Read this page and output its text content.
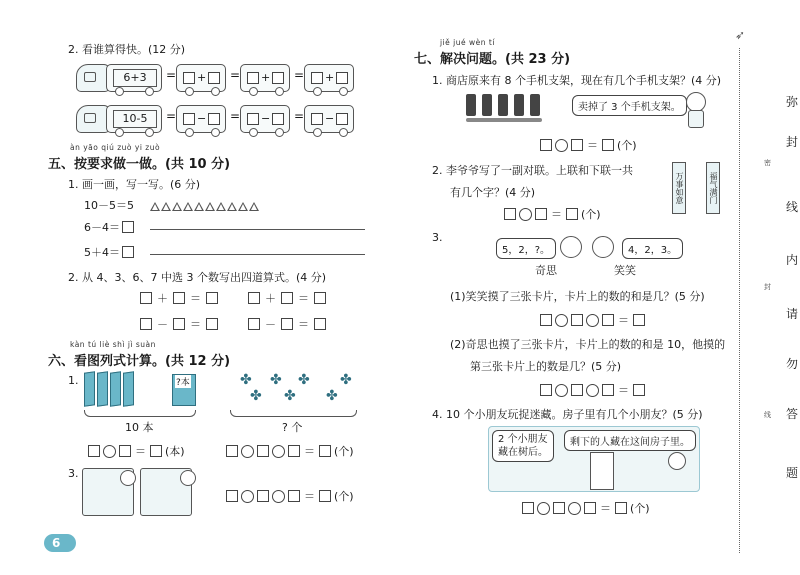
2. 看谁算得快。(12 分)
6+3	= + = + = +
10-5	= − = − = −
àn yāo qiú zuò yi zuò
五、按要求做一做。(共 10 分)
1. 画一画，写一写。(6 分)
10－5＝5
6－4＝
5＋4＝
2. 从 4、3、6、7 中选 3 个数写出四道算式。(4 分)
＋ ＝	＋ ＝
－ ＝	－ ＝
kàn tú liè shì jì suàn
六、看图列式计算。(共 12 分)
1.	?本
10 本
＝ (本)
✤ ✤ ✤ ✤
✤ ✤ ✤
? 个
＝ (个)
3.
＝ (个)
6
jiě jué wèn tí
七、解决问题。(共 23 分)
1. 商店原来有 8 个手机支架，现在有几个手机支架？(4 分)
卖掉了 3 个手机支架。
＝ (个)
2. 李爷爷写了一副对联。上联和下联一共
有几个字？(4 分)	万事如意	福气满门
＝ (个)
3.
5，2，?。	4，2，3。
奇思	笑笑
(1)笑笑摸了三张卡片，卡片上的数的和是几？(5 分)
＝
(2)奇思也摸了三张卡片，卡片上的数的和是 10，他摸的
第三张卡片上的数是几？(5 分)
＝
4. 10 个小朋友玩捉迷藏。房子里有几个小朋友？(5 分)
2 个小朋友
藏在树后。
剩下的人藏在这间房子里。
＝ (个)
➶
弥
封
线
内
请
勿
答
题
密
封
线
